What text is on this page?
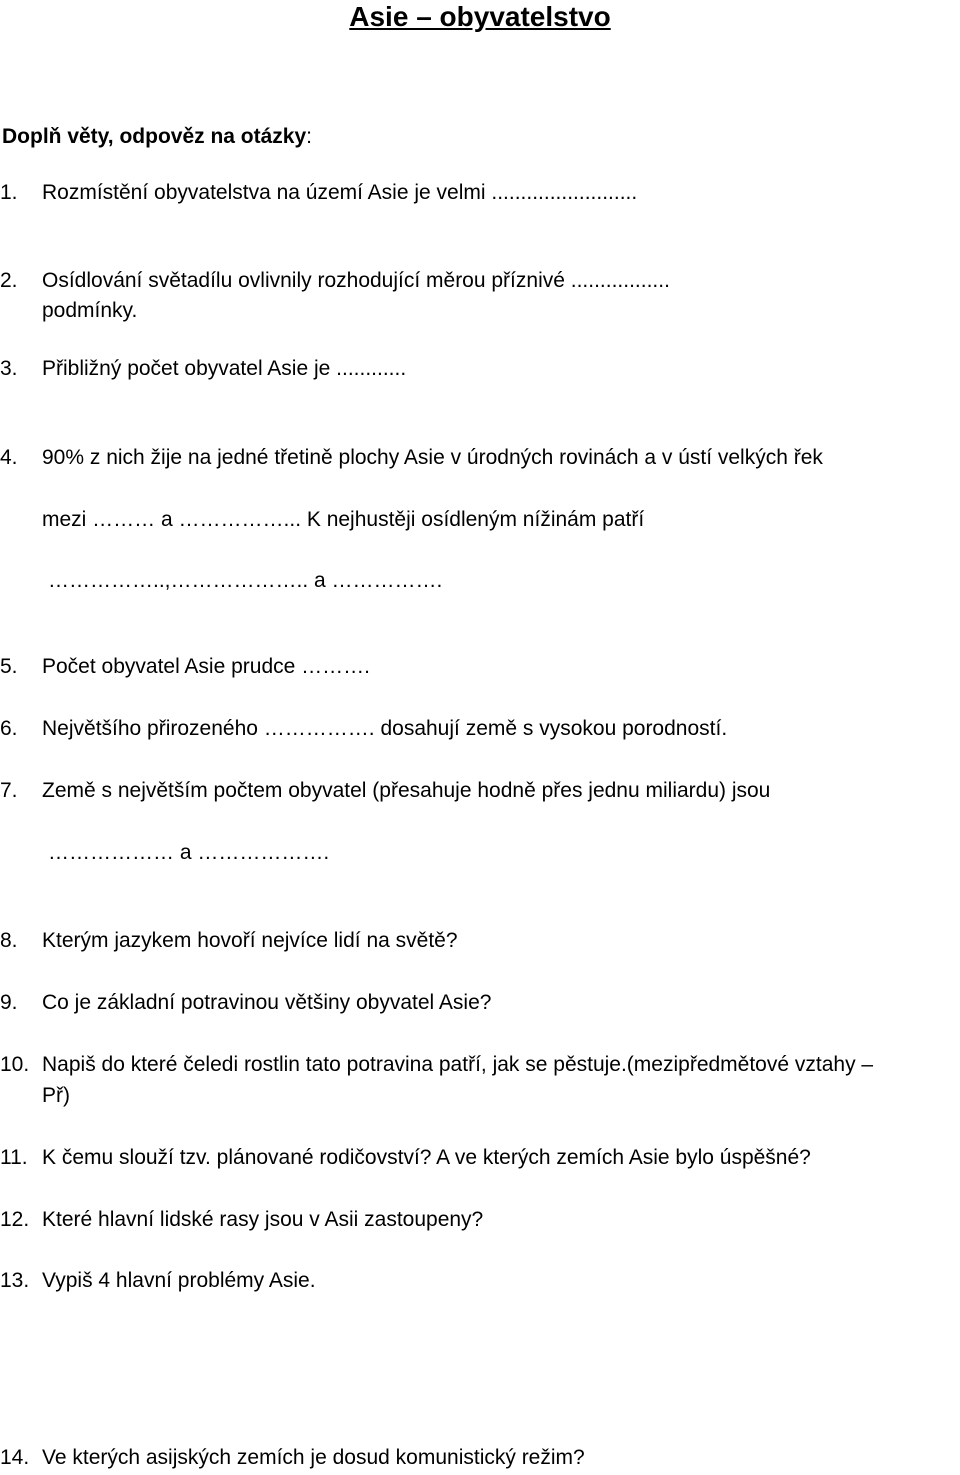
Asie – obyvatelstvo
Doplň věty, odpověz na otázky:
1.	Rozmístění obyvatelstva na území Asie je velmi .........................
2.	Osídlování světadílu ovlivnily rozhodující měrou příznivé .................
podmínky.
3.	Přibližný počet obyvatel Asie je ............
4.	90% z nich žije na jedné třetině plochy Asie v úrodných rovinách a v ústí velkých řek
mezi ……… a ……………... K nejhustěji osídleným nížinám patří
……………..,……………….. a …………….
5.	Počet obyvatel Asie prudce ……….
6.	Největšího přirozeného ……………. dosahují země s vysokou porodností.
7.	Země s největším počtem obyvatel (přesahuje hodně přes jednu miliardu) jsou
……………… a ……………….
8.	Kterým jazykem hovoří nejvíce lidí na světě?
9.	Co je základní potravinou většiny obyvatel Asie?
10. Napiš do které čeledi rostlin tato potravina patří, jak se pěstuje.(mezipředmětové vztahy –
Př)
11. K čemu slouží tzv. plánované rodičovství? A ve kterých zemích Asie bylo úspěšné?
12. Které hlavní lidské rasy jsou v Asii zastoupeny?
13. Vypiš 4 hlavní problémy Asie.
14. Ve kterých asijských zemích je dosud komunistický režim?
